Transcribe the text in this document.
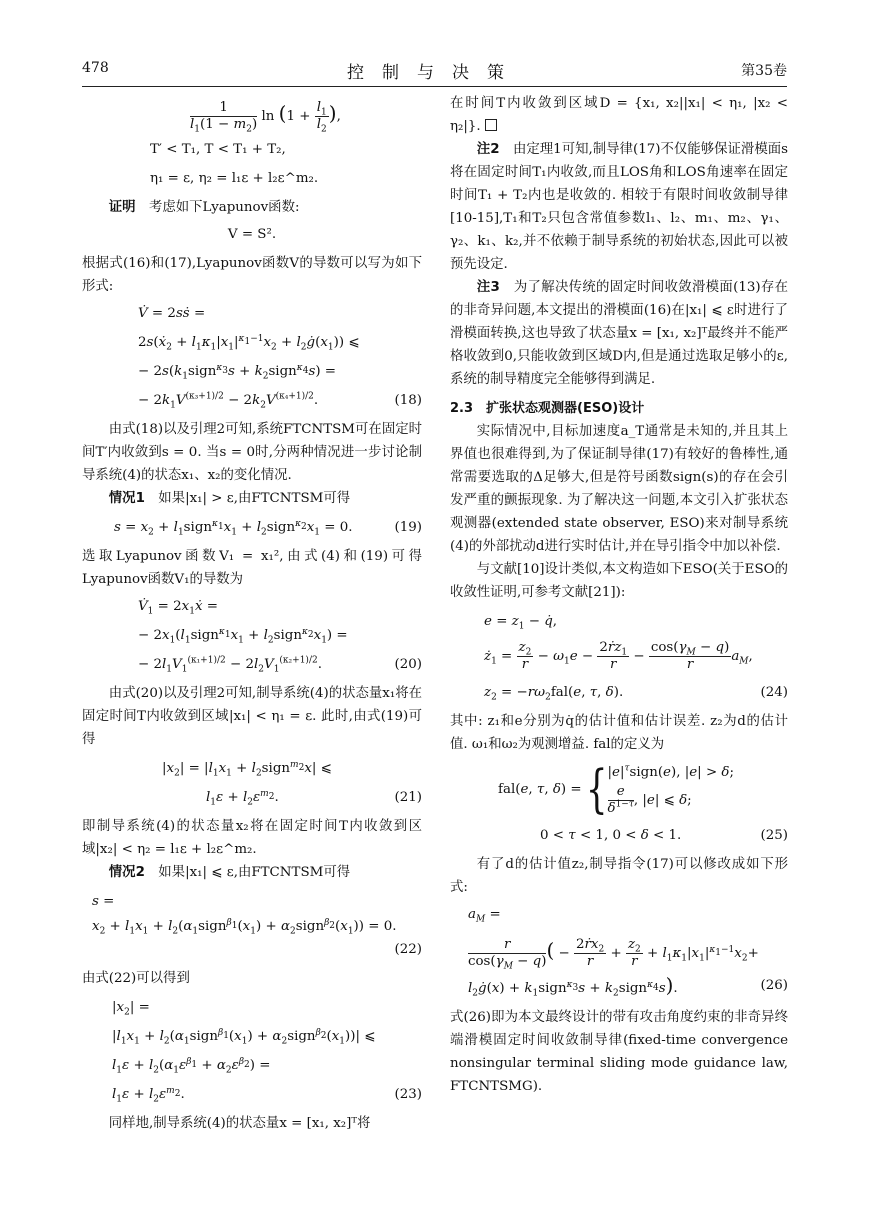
478	控制与决策	第35卷
$\frac{1}{l_1(1 - m_2)}$ $\ln (1 + \frac{l_1}{l_2}$ ),
T′ < T₁, T < T₁ + T₂,
η₁ = ε, η₂ = l₁ε + l₂ε^m₂.

证明　 考虑如下Lyapunov函数:

V = S².

根据式(16)和(17),Lyapunov函数V的导数可以写为如下形式:

V̇ = 2sṡ =
2s(ẋ$_2$ + $l_1\kappa_1|x_1|^{\kappa_1-1}x_2$ + $l_2ġ(x_1)$) ⩽
− $2s(k_1sign^{\kappa_3}s$ + $k_2sign^{\kappa_4}s$) =
− $2k_1V^{(\kappa_3+1)/2} - 2k_2V^{(\kappa_4+1)/2}$.	(18)

由式(18)以及引理2可知,系统FTCNTSM可在固定时间T′内收敛到s = 0. 当s = 0时,分两种情况进一步讨论制导系统(4)的状态x₁、x₂的变化情况.

情况1　 如果|x₁| > ε,由FTCNTSM可得

$s = x_2$ + $l_1sign^{\kappa_1}x_1$ + $l_2sign^{\kappa_2}x_1 = 0$.	(19)

选取Lyapunov函数V₁ = x₁²,由式(4)和(19)可得Lyapunov函数V₁的导数为

$V̇_1$ = $2x_1ẋ$ =
− $2x_1(l_1sign^{\kappa_1}x_1$ + $l_2sign^{\kappa_2}x_1$) =
− $2l_1V_1^{(\kappa_1+1)/2} - 2l_2V_1^{(\kappa_2+1)/2}$.	(20)

由式(20)以及引理2可知,制导系统(4)的状态量x₁将在固定时间T内收敛到区域|x₁| < η₁ = ε. 此时,由式(19)可得

$|x_2| = |l_1x_1$ + $l_2sign^{m_2}x|$ ⩽
$l_1\varepsilon + l_2\varepsilon^{m_2}$.	(21)

即制导系统(4)的状态量x₂将在固定时间T内收敛到区域|x₂| < η₂ = l₁ε + l₂ε^m₂.

情况2　 如果|x₁| ⩽ ε,由FTCNTSM可得

s =
$x_2 + l_1x_1$ + $l_2(\alpha_1sign^{\beta_1}(x_1)$ + $\alpha_2sign^{\beta_2}(x_1)) = 0$.
(22)

由式(22)可以得到

$|x_2|$ =
$|l_1x_1$ + $l_2(\alpha_1sign^{\beta_1}(x_1)$ + $\alpha_2sign^{\beta_2}(x_1))|$ ⩽
$l_1\varepsilon + l_2(\alpha_1\varepsilon^{\beta_1} + \alpha_2\varepsilon^{\beta_2})$ =
$l_1\varepsilon + l_2\varepsilon^{m_2}$.	(23)

同样地,制导系统(4)的状态量x = [x₁, x₂]ᵀ将

在时间T内收敛到区域D = {x₁, x₂||x₁| < η₁, |x₂ < η₂|}.

注2　 由定理1可知,制导律(17)不仅能够保证滑模面s将在固定时间T₁内收敛,而且LOS角和LOS角速率在固定时间T₁ + T₂内也是收敛的. 相较于有限时间收敛制导律[10-15],T₁和T₂只包含常值参数l₁、l₂、m₁、m₂、γ₁、γ₂、k₁、k₂,并不依赖于制导系统的初始状态,因此可以被预先设定.

注3　 为了解决传统的固定时间收敛滑模面(13)存在的非奇异问题,本文提出的滑模面(16)在|x₁| ⩽ ε时进行了滑模面转换,这也导致了状态量x = [x₁, x₂]ᵀ最终并不能严格收敛到0,只能收敛到区域D内,但是通过选取足够小的ε,系统的制导精度完全能够得到满足.

2.3　扩张状态观测器(ESO)设计

实际情况中,目标加速度a_T通常是未知的,并且其上界值也很难得到,为了保证制导律(17)有较好的鲁棒性,通常需要选取的Δ足够大,但是符号函数sign(s)的存在会引发严重的颤振现象. 为了解决这一问题,本文引入扩张状态观测器(extended state observer, ESO)来对制导系统(4)的外部扰动d进行实时估计,并在导引指令中加以补偿.

与文献[10]设计类似,本文构造如下ESO(关于ESO的收敛性证明,可参考文献[21]):

$e = z_1$ − q̇,
$ż_1 = \frac{z_2}{r} - \omega_1e - \frac{2ṙz_1}{r} - \frac{\cos(\gamma_M - q)}{r} a_M$,
$z_2 = -r\omega_2fal(e$, τ, δ).	(24)

其中: z₁和e分别为q̇的估计值和估计误差. z₂为d的估计值. ω₁和ω₂为观测增益. fal的定义为

fal(e, τ, δ) = { $|e|^\tau sign(e)$, |e| > δ;
$\frac{e}{\delta^{1-\tau}}$ , |e| ⩽ δ;
0 < τ < 1, 0 < δ < 1.	(25)

有了d的估计值z₂,制导指令(17)可以修改成如下形式:

$a_M$ =
$\frac{r}{\cos(\gamma_M - q)}$ ( − $\frac{2ṙx_2}{r} + \frac{z_2}{r} + l_1\kappa_1|x_1|^{\kappa_1-1}x_2+$
$l_2ġ(x)$ + $k_1sign^{\kappa_3}s$ + $k_2sign^{\kappa_4}s$).	(26)

式(26)即为本文最终设计的带有攻击角度约束的非奇异终端滑模固定时间收敛制导律(fixed-time convergence nonsingular terminal sliding mode guidance law, FTCNTSMG).
